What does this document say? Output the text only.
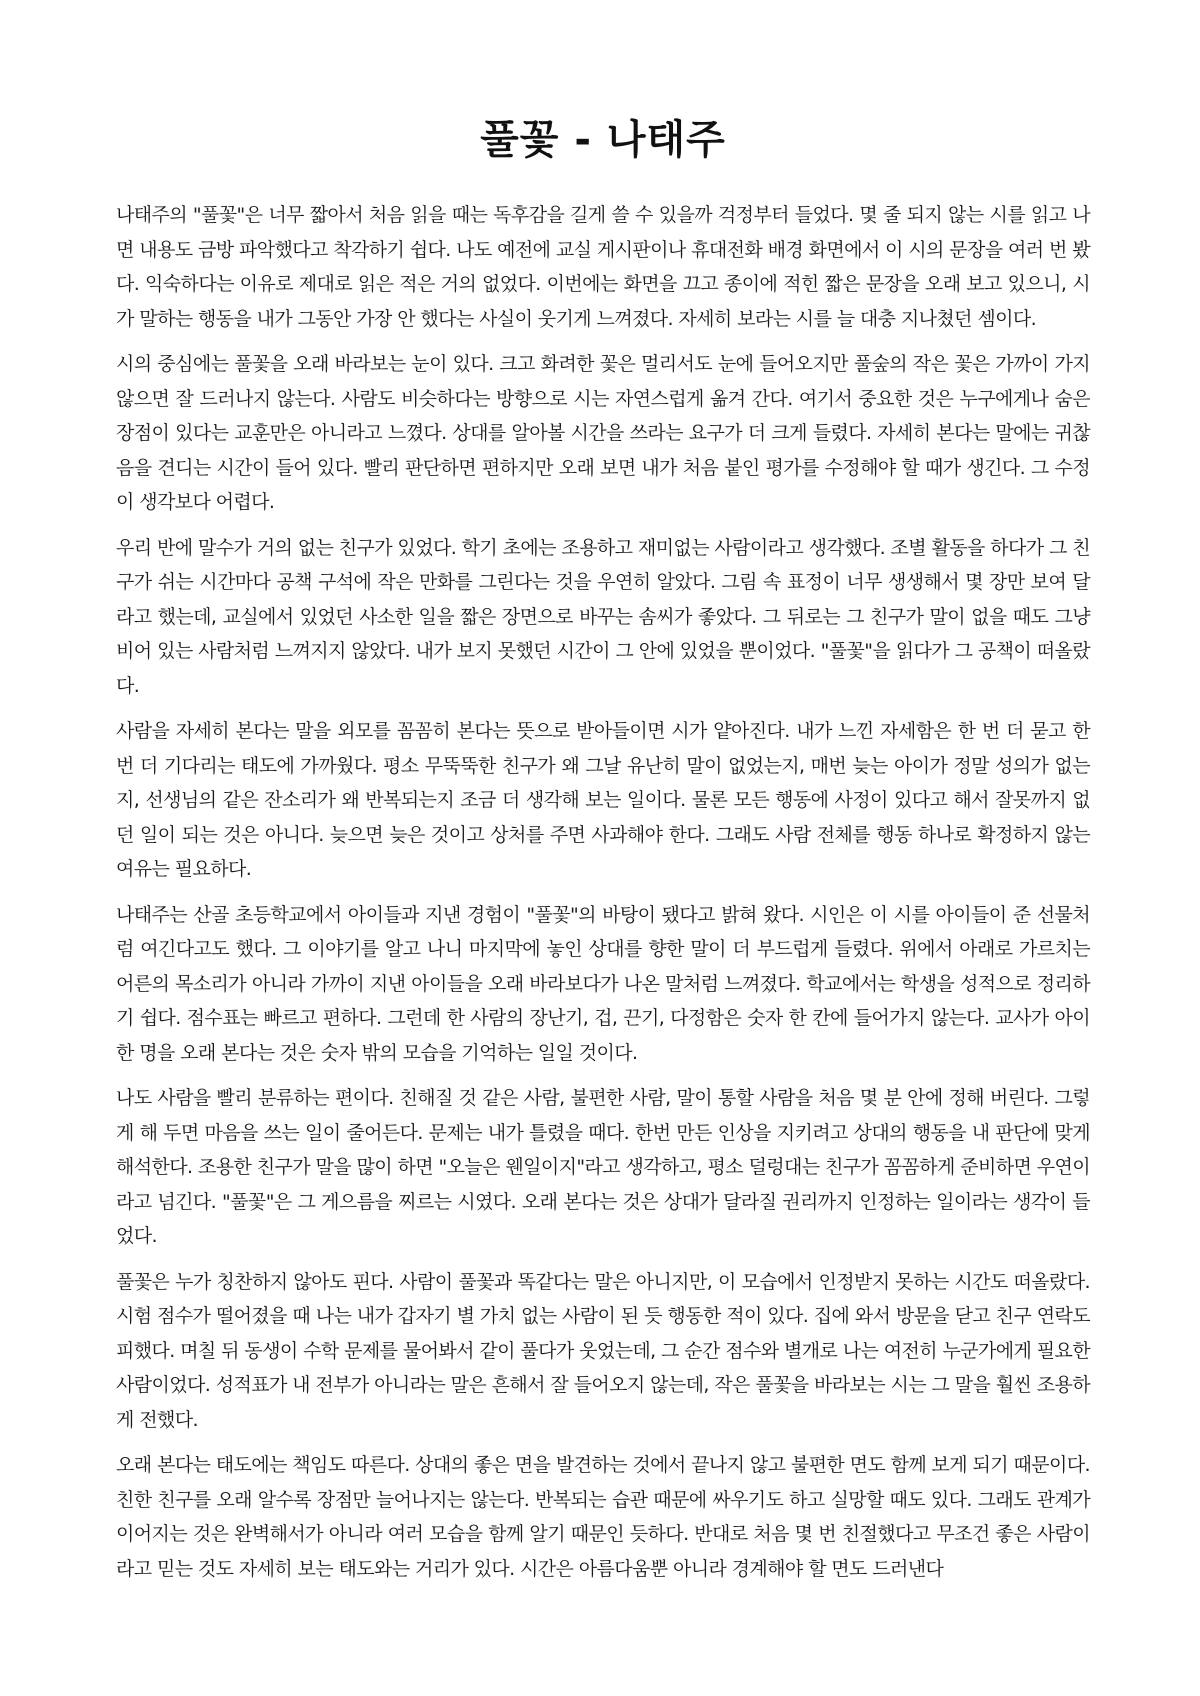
풀꽃 - 나태주

나태주의 "풀꽃"은 너무 짧아서 처음 읽을 때는 독후감을 길게 쓸 수 있을까 걱정부터 들었다. 몇 줄 되지 않는 시를 읽고 나면 내용도 금방 파악했다고 착각하기 쉽다. 나도 예전에 교실 게시판이나 휴대전화 배경 화면에서 이 시의 문장을 여러 번 봤다. 익숙하다는 이유로 제대로 읽은 적은 거의 없었다. 이번에는 화면을 끄고 종이에 적힌 짧은 문장을 오래 보고 있으니, 시가 말하는 행동을 내가 그동안 가장 안 했다는 사실이 웃기게 느껴졌다. 자세히 보라는 시를 늘 대충 지나쳤던 셈이다.

시의 중심에는 풀꽃을 오래 바라보는 눈이 있다. 크고 화려한 꽃은 멀리서도 눈에 들어오지만 풀숲의 작은 꽃은 가까이 가지 않으면 잘 드러나지 않는다. 사람도 비슷하다는 방향으로 시는 자연스럽게 옮겨 간다. 여기서 중요한 것은 누구에게나 숨은 장점이 있다는 교훈만은 아니라고 느꼈다. 상대를 알아볼 시간을 쓰라는 요구가 더 크게 들렸다. 자세히 본다는 말에는 귀찮음을 견디는 시간이 들어 있다. 빨리 판단하면 편하지만 오래 보면 내가 처음 붙인 평가를 수정해야 할 때가 생긴다. 그 수정이 생각보다 어렵다.

우리 반에 말수가 거의 없는 친구가 있었다. 학기 초에는 조용하고 재미없는 사람이라고 생각했다. 조별 활동을 하다가 그 친구가 쉬는 시간마다 공책 구석에 작은 만화를 그린다는 것을 우연히 알았다. 그림 속 표정이 너무 생생해서 몇 장만 보여 달라고 했는데, 교실에서 있었던 사소한 일을 짧은 장면으로 바꾸는 솜씨가 좋았다. 그 뒤로는 그 친구가 말이 없을 때도 그냥 비어 있는 사람처럼 느껴지지 않았다. 내가 보지 못했던 시간이 그 안에 있었을 뿐이었다. "풀꽃"을 읽다가 그 공책이 떠올랐다.

사람을 자세히 본다는 말을 외모를 꼼꼼히 본다는 뜻으로 받아들이면 시가 얕아진다. 내가 느낀 자세함은 한 번 더 묻고 한 번 더 기다리는 태도에 가까웠다. 평소 무뚝뚝한 친구가 왜 그날 유난히 말이 없었는지, 매번 늦는 아이가 정말 성의가 없는지, 선생님의 같은 잔소리가 왜 반복되는지 조금 더 생각해 보는 일이다. 물론 모든 행동에 사정이 있다고 해서 잘못까지 없던 일이 되는 것은 아니다. 늦으면 늦은 것이고 상처를 주면 사과해야 한다. 그래도 사람 전체를 행동 하나로 확정하지 않는 여유는 필요하다.

나태주는 산골 초등학교에서 아이들과 지낸 경험이 "풀꽃"의 바탕이 됐다고 밝혀 왔다. 시인은 이 시를 아이들이 준 선물처럼 여긴다고도 했다. 그 이야기를 알고 나니 마지막에 놓인 상대를 향한 말이 더 부드럽게 들렸다. 위에서 아래로 가르치는 어른의 목소리가 아니라 가까이 지낸 아이들을 오래 바라보다가 나온 말처럼 느껴졌다. 학교에서는 학생을 성적으로 정리하기 쉽다. 점수표는 빠르고 편하다. 그런데 한 사람의 장난기, 겁, 끈기, 다정함은 숫자 한 칸에 들어가지 않는다. 교사가 아이 한 명을 오래 본다는 것은 숫자 밖의 모습을 기억하는 일일 것이다.

나도 사람을 빨리 분류하는 편이다. 친해질 것 같은 사람, 불편한 사람, 말이 통할 사람을 처음 몇 분 안에 정해 버린다. 그렇게 해 두면 마음을 쓰는 일이 줄어든다. 문제는 내가 틀렸을 때다. 한번 만든 인상을 지키려고 상대의 행동을 내 판단에 맞게 해석한다. 조용한 친구가 말을 많이 하면 "오늘은 웬일이지"라고 생각하고, 평소 덜렁대는 친구가 꼼꼼하게 준비하면 우연이라고 넘긴다. "풀꽃"은 그 게으름을 찌르는 시였다. 오래 본다는 것은 상대가 달라질 권리까지 인정하는 일이라는 생각이 들었다.

풀꽃은 누가 칭찬하지 않아도 핀다. 사람이 풀꽃과 똑같다는 말은 아니지만, 이 모습에서 인정받지 못하는 시간도 떠올랐다. 시험 점수가 떨어졌을 때 나는 내가 갑자기 별 가치 없는 사람이 된 듯 행동한 적이 있다. 집에 와서 방문을 닫고 친구 연락도 피했다. 며칠 뒤 동생이 수학 문제를 물어봐서 같이 풀다가 웃었는데, 그 순간 점수와 별개로 나는 여전히 누군가에게 필요한 사람이었다. 성적표가 내 전부가 아니라는 말은 흔해서 잘 들어오지 않는데, 작은 풀꽃을 바라보는 시는 그 말을 훨씬 조용하게 전했다.

오래 본다는 태도에는 책임도 따른다. 상대의 좋은 면을 발견하는 것에서 끝나지 않고 불편한 면도 함께 보게 되기 때문이다. 친한 친구를 오래 알수록 장점만 늘어나지는 않는다. 반복되는 습관 때문에 싸우기도 하고 실망할 때도 있다. 그래도 관계가 이어지는 것은 완벽해서가 아니라 여러 모습을 함께 알기 때문인 듯하다. 반대로 처음 몇 번 친절했다고 무조건 좋은 사람이라고 믿는 것도 자세히 보는 태도와는 거리가 있다. 시간은 아름다움뿐 아니라 경계해야 할 면도 드러낸다
